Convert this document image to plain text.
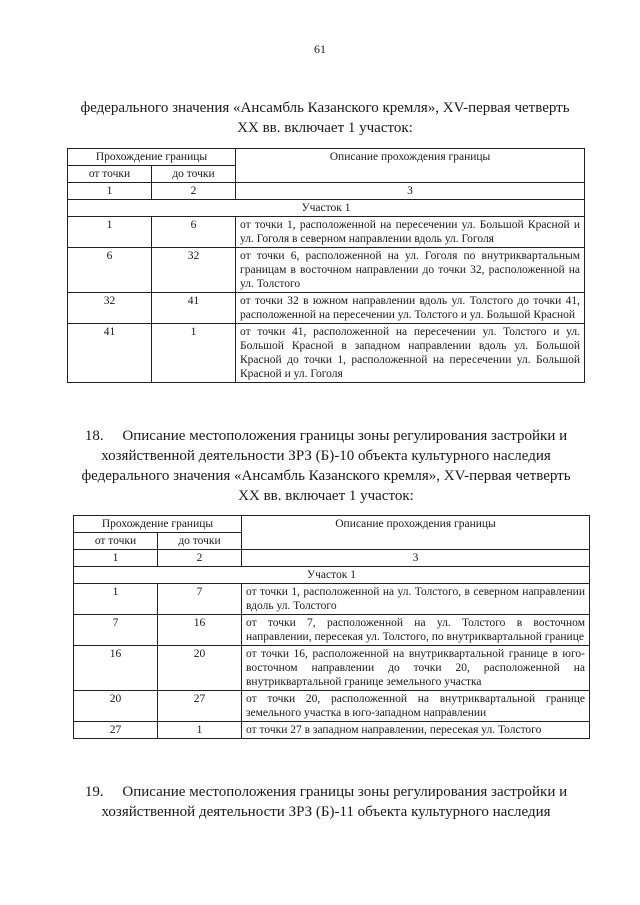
61
федерального значения «Ансамбль Казанского кремля», XV-первая четверть
XX вв. включает 1 участок:
Прохождение границы		Описание прохождения границы
от точки	до точки	
1	2	3
Участок 1		
1	6	от точки 1, расположенной на пересечении ул. Большой Красной и ул. Гоголя в северном направлении вдоль ул. Гоголя
6	32	от точки 6, расположенной на ул. Гоголя по внутриквартальным границам в восточном направлении до точки 32, расположенной на ул. Толстого
32	41	от точки 32 в южном направлении вдоль ул. Толстого до точки 41, расположенной на пересечении ул. Толстого и ул. Большой Красной
41	1	от точки 41, расположенной на пересечении ул. Толстого и ул. Большой Красной в западном направлении вдоль ул. Большой Красной до точки 1, расположенной на пересечении ул. Большой Красной и ул. Гоголя
18.     Описание местоположения границы зоны регулирования застройки и
хозяйственной деятельности ЗРЗ (Б)-10 объекта культурного наследия
федерального значения «Ансамбль Казанского кремля», XV-первая четверть
XX вв. включает 1 участок:
Прохождение границы		Описание прохождения границы
от точки	до точки	
1	2	3
Участок 1		
1	7	от точки 1, расположенной на ул. Толстого, в северном направлении вдоль ул. Толстого
7	16	от точки 7, расположенной на ул. Толстого в восточном направлении, пересекая ул. Толстого, по внутриквартальной границе
16	20	от точки 16, расположенной на внутриквартальной границе в юго-восточном направлении до точки 20, расположенной на внутриквартальной границе земельного участка
20	27	от точки 20, расположенной на внутриквартальной границе земельного участка в юго-западном направлении
27	1	от точки 27 в западном направлении, пересекая ул. Толстого
19.     Описание местоположения границы зоны регулирования застройки и
хозяйственной деятельности ЗРЗ (Б)-11 объекта культурного наследия
